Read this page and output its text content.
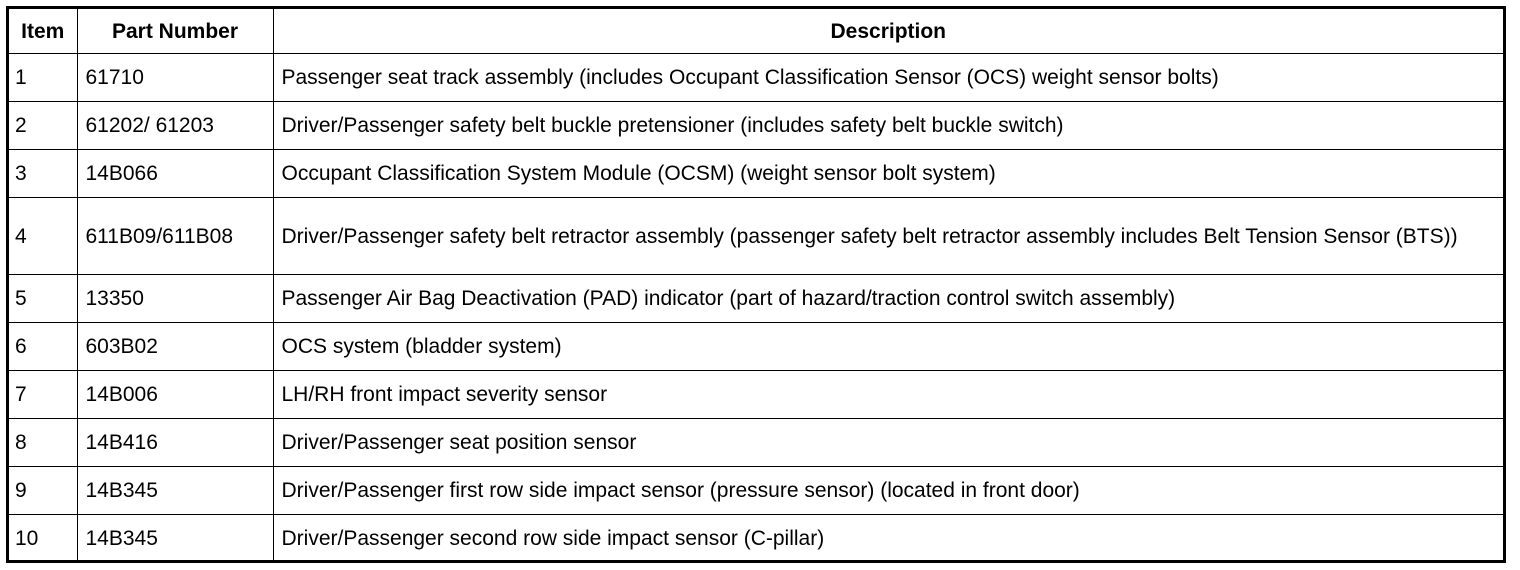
Item	Part Number	Description
1	61710	Passenger seat track assembly (includes Occupant Classification Sensor (OCS) weight sensor bolts)
2	61202/ 61203	Driver/Passenger safety belt buckle pretensioner (includes safety belt buckle switch)
3	14B066	Occupant Classification System Module (OCSM) (weight sensor bolt system)
4	611B09/611B08	Driver/Passenger safety belt retractor assembly (passenger safety belt retractor assembly includes Belt Tension Sensor (BTS))
5	13350	Passenger Air Bag Deactivation (PAD) indicator (part of hazard/traction control switch assembly)
6	603B02	OCS system (bladder system)
7	14B006	LH/RH front impact severity sensor
8	14B416	Driver/Passenger seat position sensor
9	14B345	Driver/Passenger first row side impact sensor (pressure sensor) (located in front door)
10	14B345	Driver/Passenger second row side impact sensor (C-pillar)
